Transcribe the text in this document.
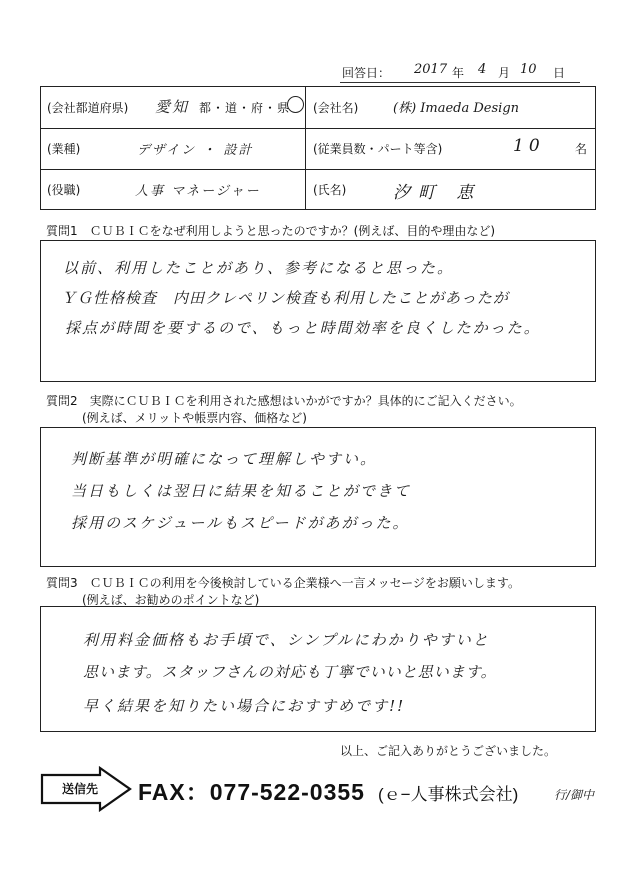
回答日： 2017 年 4 月 10 日
(会社都道府県) 愛知 都・道・府・県 (会社名)	(株) Imaeda Design
(業種)	デザイン ・ 設計	(従業員数・パート等含)	10	名
(役職)	人事 マネージャー	(氏名)	汐町 恵
質問1　ＣＵＢＩＣをなぜ利用しようと思ったのですか？(例えば、目的や理由など)
以前、利用したことがあり、参考になると思った。
ＹＧ性格検査　内田クレペリン検査も利用したことがあったが
採点が時間を要するので、もっと時間効率を良くしたかった。
質問2　実際にＣＵＢＩＣを利用された感想はいかがですか？具体的にご記入ください。
(例えば、メリットや帳票内容、価格など)
判断基準が明確になって理解しやすい。
当日もしくは翌日に結果を知ることができて
採用のスケジュールもスピードがあがった。
質問3　ＣＵＢＩＣの利用を今後検討している企業様へ一言メッセージをお願いします。
(例えば、お勧めのポイントなど)
利用料金価格もお手頃で、シンプルにわかりやすいと
思います。スタッフさんの対応も丁寧でいいと思います。
早く結果を知りたい場合におすすめです!!
以上、ご記入ありがとうございました。
送信先 FAX：077-522-0355 (ｅ−人事株式会社)	行/御中
